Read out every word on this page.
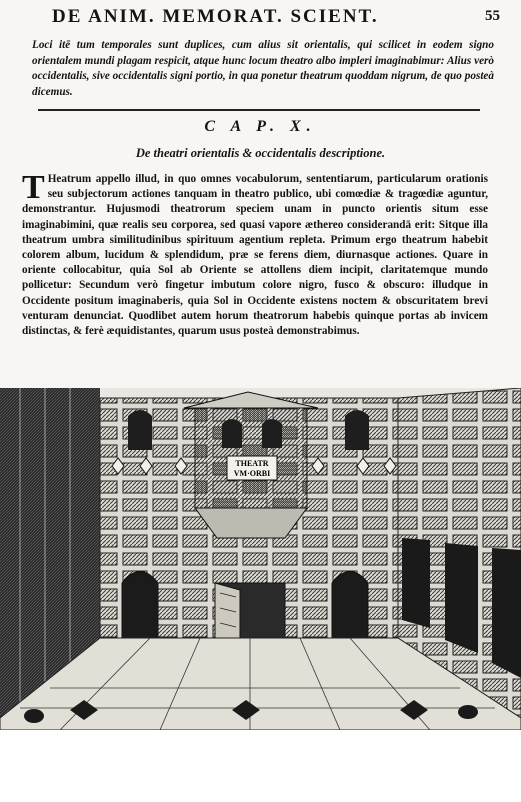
DE ANIM. MEMORAT. SCIENT.	55

Loci itē tum temporales sunt duplices, cum alius sit orientalis, qui scilicet in eodem signo orientalem mundi plagam respicit, atque hunc locum theatro albo impleri imaginabimur: Alius verò occidentalis, sive occidentalis signi portio, in qua ponetur theatrum quoddam nigrum, de quo posteà dicemus.

C A P. X.
De theatri orientalis & occidentalis descriptione.

T Heatrum appello illud, in quo omnes vocabulorum, sententiarum, particularum orationis seu subjectorum actiones tanquam in theatro publico, ubi comœdiæ & tragœdiæ aguntur, demonstrantur. Hujusmodi theatrorum speciem unam in puncto orientis situm esse imaginabimini, quæ realis seu corporea, sed quasi vapore æthereo considerandā erit: Sitque illa theatrum umbra similitudinibus spirituum agentium repleta. Primum ergo theatrum habebit colorem album, lucidum & splendidum, præ se ferens diem, diurnasque actiones. Quare in oriente collocabitur, quia Sol ab Oriente se attollens diem incipit, claritatemque mundo pollicetur: Secundum verò fingetur imbutum colore nigro, fusco & obscuro: illudque in Occidente positum imaginaberis, quia Sol in Occidente existens noctem & obscuritatem brevi venturam denunciat. Quodlibet autem horum theatrorum habebis quinque portas ab invicem distinctas, & ferè æquidistantes, quarum usus posteà demonstrabimus.

THEATR
VM·ORBI
